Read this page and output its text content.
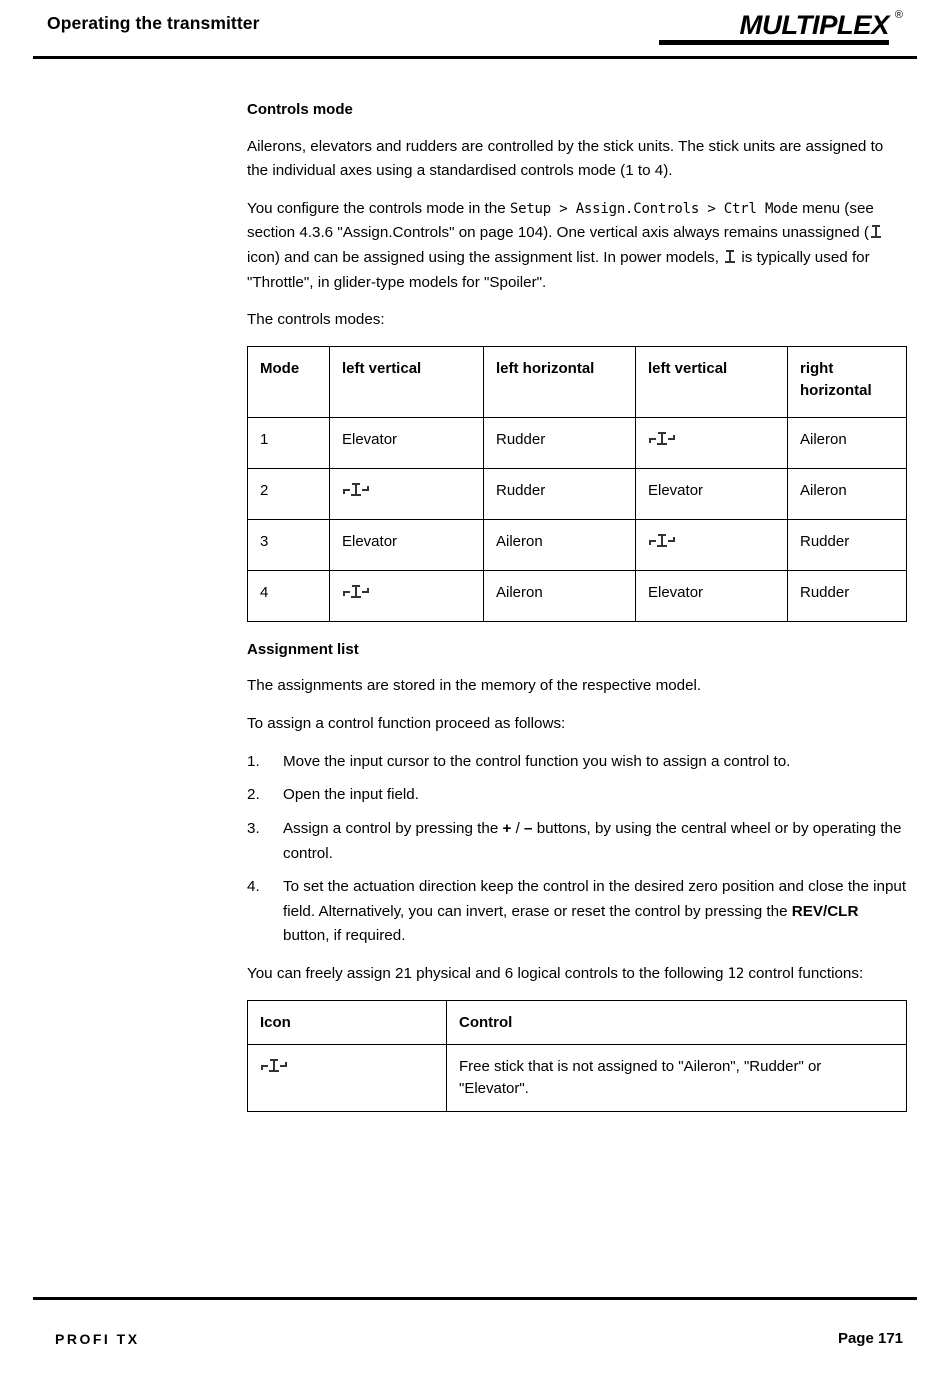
Operating the transmitter	MULTIPLEX ®
Controls mode

Ailerons, elevators and rudders are controlled by the stick units. The stick units are assigned to the individual axes using a standardised controls mode (1 to 4).

You configure the controls mode in the Setup > Assign.Controls > Ctrl Mode menu (see section 4.3.6 "Assign.Controls" on page 104). One vertical axis always remains unassigned (
icon) and can be assigned using the assignment list. In power models,
is typically used for "Throttle", in glider-type models for "Spoiler".

The controls modes:

Mode	left vertical	left horizontal	left vertical	right horizontal
1	Elevator	Rudder		Aileron
2		Rudder	Elevator	Aileron
3	Elevator	Aileron		Rudder
4		Aileron	Elevator	Rudder
Assignment list

The assignments are stored in the memory of the respective model.

To assign a control function proceed as follows:

1. Move the input cursor to the control function you wish to assign a control to.
2. Open the input field.
3. Assign a control by pressing the + / – buttons, by using the central wheel or by operating the control.
4. To set the actuation direction keep the control in the desired zero position and close the input field. Alternatively, you can invert, erase or reset the control by pressing the REV/CLR button, if required.

You can freely assign 21 physical and 6 logical controls to the following 12 control functions:

Icon	Control

	Free stick that is not assigned to "Aileron", "Rudder" or "Elevator".
PROFI TX	Page 171
